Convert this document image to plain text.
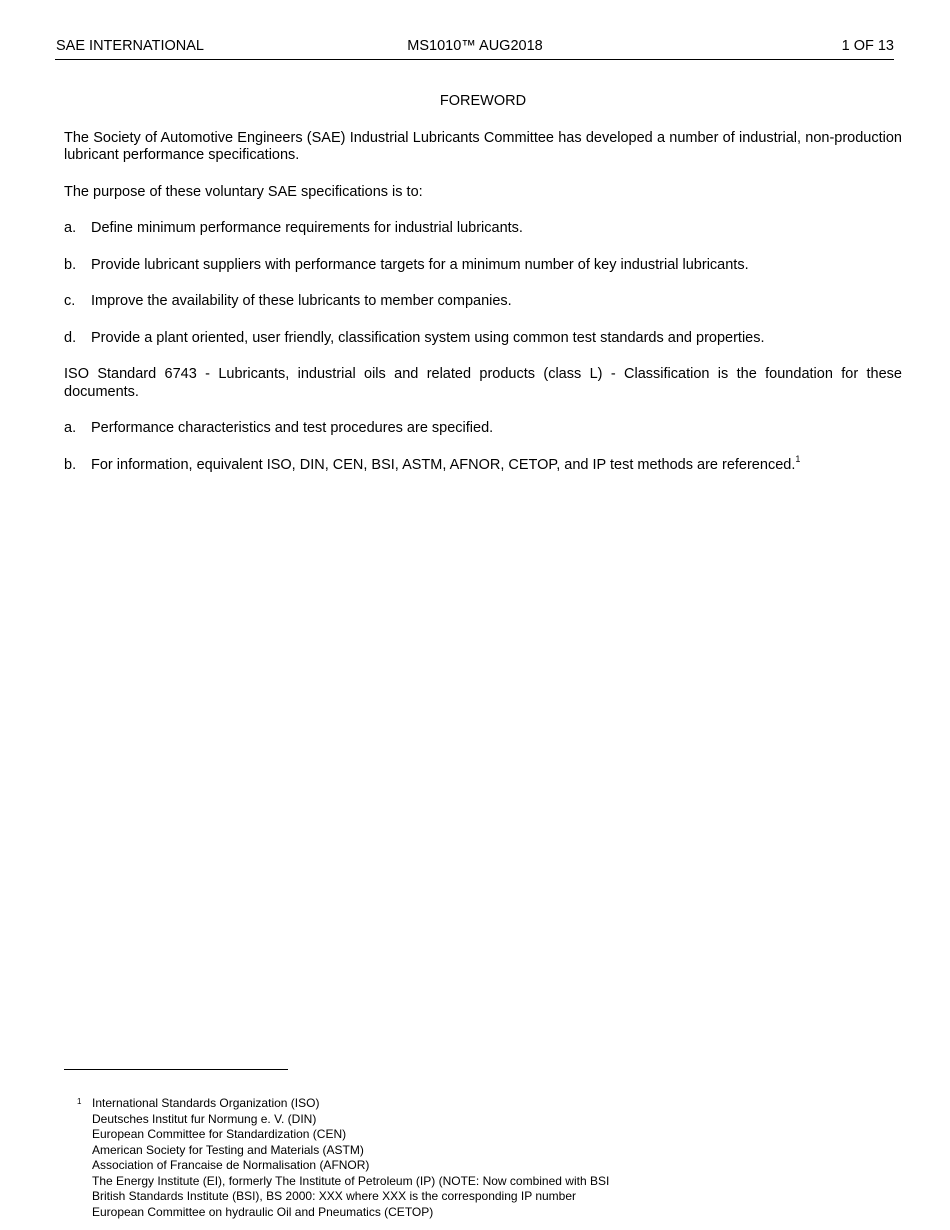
SAE INTERNATIONAL	MS1010™ AUG2018	1 OF 13
FOREWORD
The Society of Automotive Engineers (SAE) Industrial Lubricants Committee has developed a number of industrial, non-production lubricant performance specifications.
The purpose of these voluntary SAE specifications is to:
a. Define minimum performance requirements for industrial lubricants.
b. Provide lubricant suppliers with performance targets for a minimum number of key industrial lubricants.
c. Improve the availability of these lubricants to member companies.
d. Provide a plant oriented, user friendly, classification system using common test standards and properties.
ISO Standard 6743 - Lubricants, industrial oils and related products (class L) - Classification is the foundation for these documents.
a. Performance characteristics and test procedures are specified.
b. For information, equivalent ISO, DIN, CEN, BSI, ASTM, AFNOR, CETOP, and IP test methods are referenced.$^1$
1 International Standards Organization (ISO)
Deutsches Institut fur Normung e. V. (DIN)
European Committee for Standardization (CEN)
American Society for Testing and Materials (ASTM)
Association of Francaise de Normalisation (AFNOR)
The Energy Institute (EI), formerly The Institute of Petroleum (IP) (NOTE: Now combined with BSI
British Standards Institute (BSI), BS 2000: XXX where XXX is the corresponding IP number
European Committee on hydraulic Oil and Pneumatics (CETOP)
